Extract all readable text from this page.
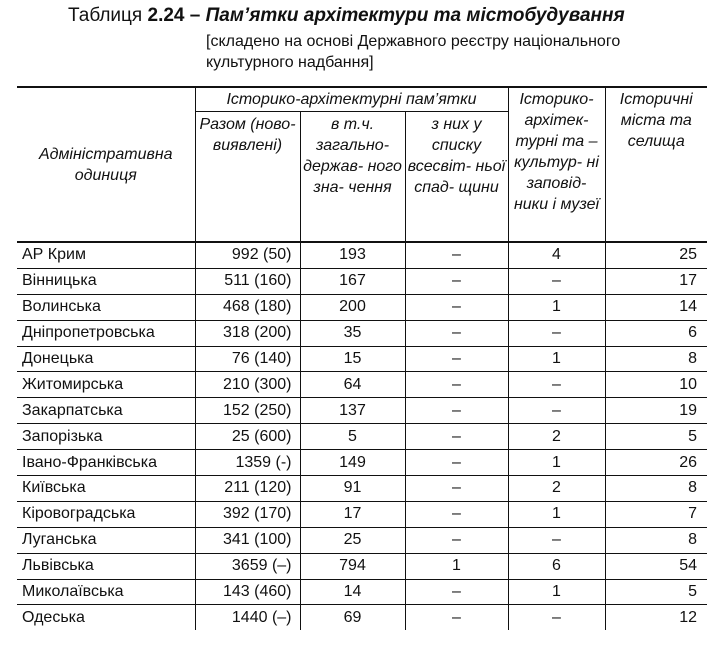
Таблиця 2.24 – Пам’ятки архітектури та містобудування
[складено на основі Державного реєстру національного культурного надбання]
Адміністративна одиниця	Історико-архітектурні пам’ятки			Історико- архітек- турні та –культур- ні заповід- ники і музеї	Історичні міста та селища
	Разом (ново- виявлені)	в т.ч. загально- держав- ного зна- чення	з них у списку всесвіт- ньої спад- щини		
АР Крим	992 (50)	193	–	4	25
Вінницька	511 (160)	167	–	–	17
Волинська	468 (180)	200	–	1	14
Дніпропетровська	318 (200)	35	–	–	6
Донецька	76 (140)	15	–	1	8
Житомирська	210 (300)	64	–	–	10
Закарпатська	152 (250)	137	–	–	19
Запорізька	25 (600)	5	–	2	5
Івано-Франківська	1359 (-)	149	–	1	26
Київська	211 (120)	91	–	2	8
Кіровоградська	392 (170)	17	–	1	7
Луганська	341 (100)	25	–	–	8
Львівська	3659 (–)	794	1	6	54
Миколаївська	143 (460)	14	–	1	5
Одеська	1440 (–)	69	–	–	12
